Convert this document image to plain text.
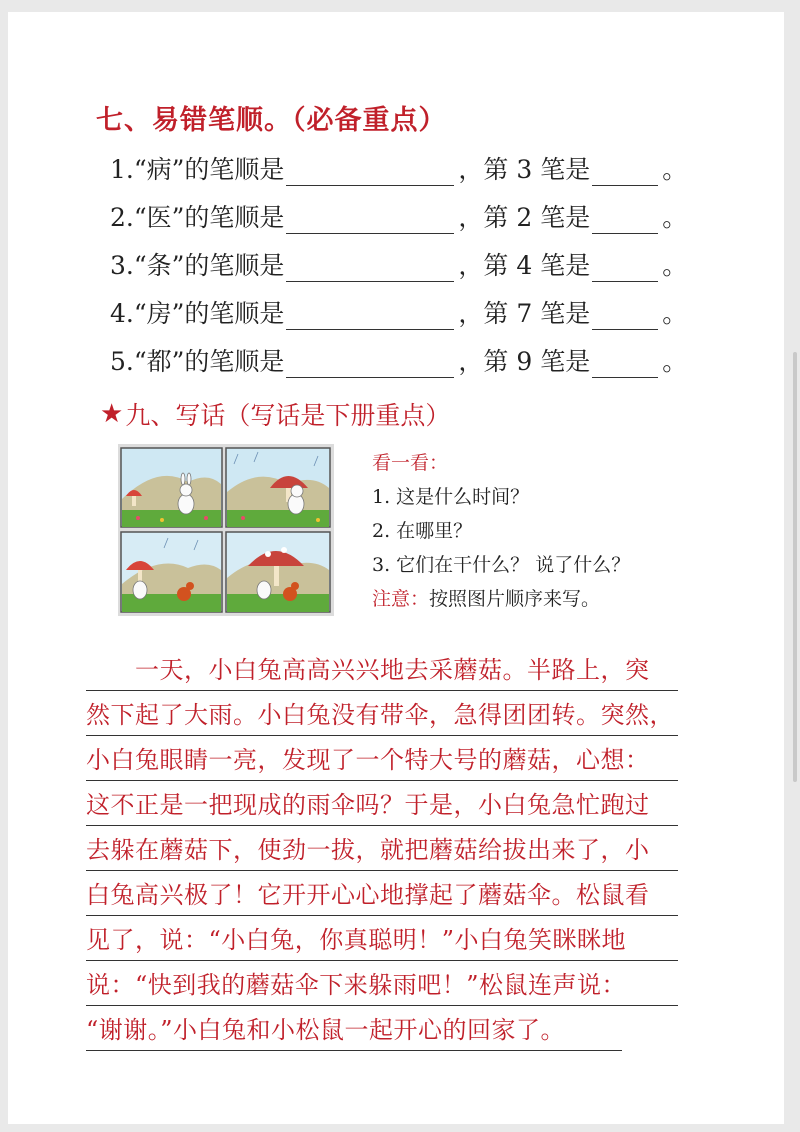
七、易错笔顺。（必备重点）
1.“病”的笔顺是	，第 3 笔是	。
2.“医”的笔顺是	，第 2 笔是	。
3.“条”的笔顺是	，第 4 笔是	。
4.“房”的笔顺是	，第 7 笔是	。
5.“都”的笔顺是	，第 9 笔是	。
★ 九、写话（写话是下册重点）
看一看：
1. 这是什么时间？
2. 在哪里？
3. 它们在干什么？ 说了什么？
注意：按照图片顺序来写。
　　一天，小白兔高高兴兴地去采蘑菇。半路上，突
然下起了大雨。小白兔没有带伞，急得团团转。突然，
小白兔眼睛一亮，发现了一个特大号的蘑菇，心想：
这不正是一把现成的雨伞吗？于是，小白兔急忙跑过
去躲在蘑菇下，使劲一拔，就把蘑菇给拔出来了，小
白兔高兴极了！它开开心心地撑起了蘑菇伞。松鼠看
见了，说：“小白兔，你真聪明！”小白兔笑眯眯地
说：“快到我的蘑菇伞下来躲雨吧！”松鼠连声说：
“谢谢。”小白兔和小松鼠一起开心的回家了。
